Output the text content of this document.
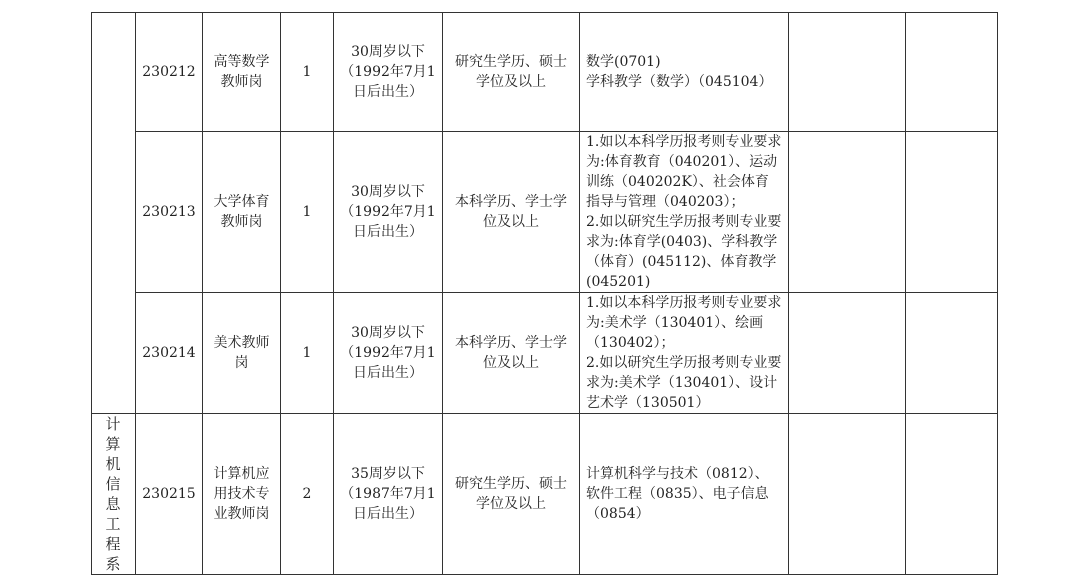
	230212	高等数学教师岗	1	30周岁以下
（1992年7月1日后出生）	研究生学历、硕士学位及以上	数学(0701)
学科教学（数学）（045104）		

	230213	大学体育教师岗	1	30周岁以下
（1992年7月1日后出生）	本科学历、学士学位及以上	1.如以本科学历报考则专业要求为:体育教育（040201）、运动训练（040202K）、社会体育指导与管理（040203）；
2.如以研究生学历报考则专业要求为:体育学(0403)、学科教学（体育）(045112)、体育教学(045201)		

	230214	美术教师岗	1	30周岁以下
（1992年7月1日后出生）	本科学历、学士学位及以上	1.如以本科学历报考则专业要求为:美术学（130401）、绘画（130402）；
2.如以研究生学历报考则专业要求为:美术学（130401）、设计艺术学（130501）		

计算机信息工程系	230215	计算机应用技术专业教师岗	2	35周岁以下
（1987年7月1日后出生）	研究生学历、硕士学位及以上	计算机科学与技术（0812）、软件工程（0835）、电子信息（0854）		
